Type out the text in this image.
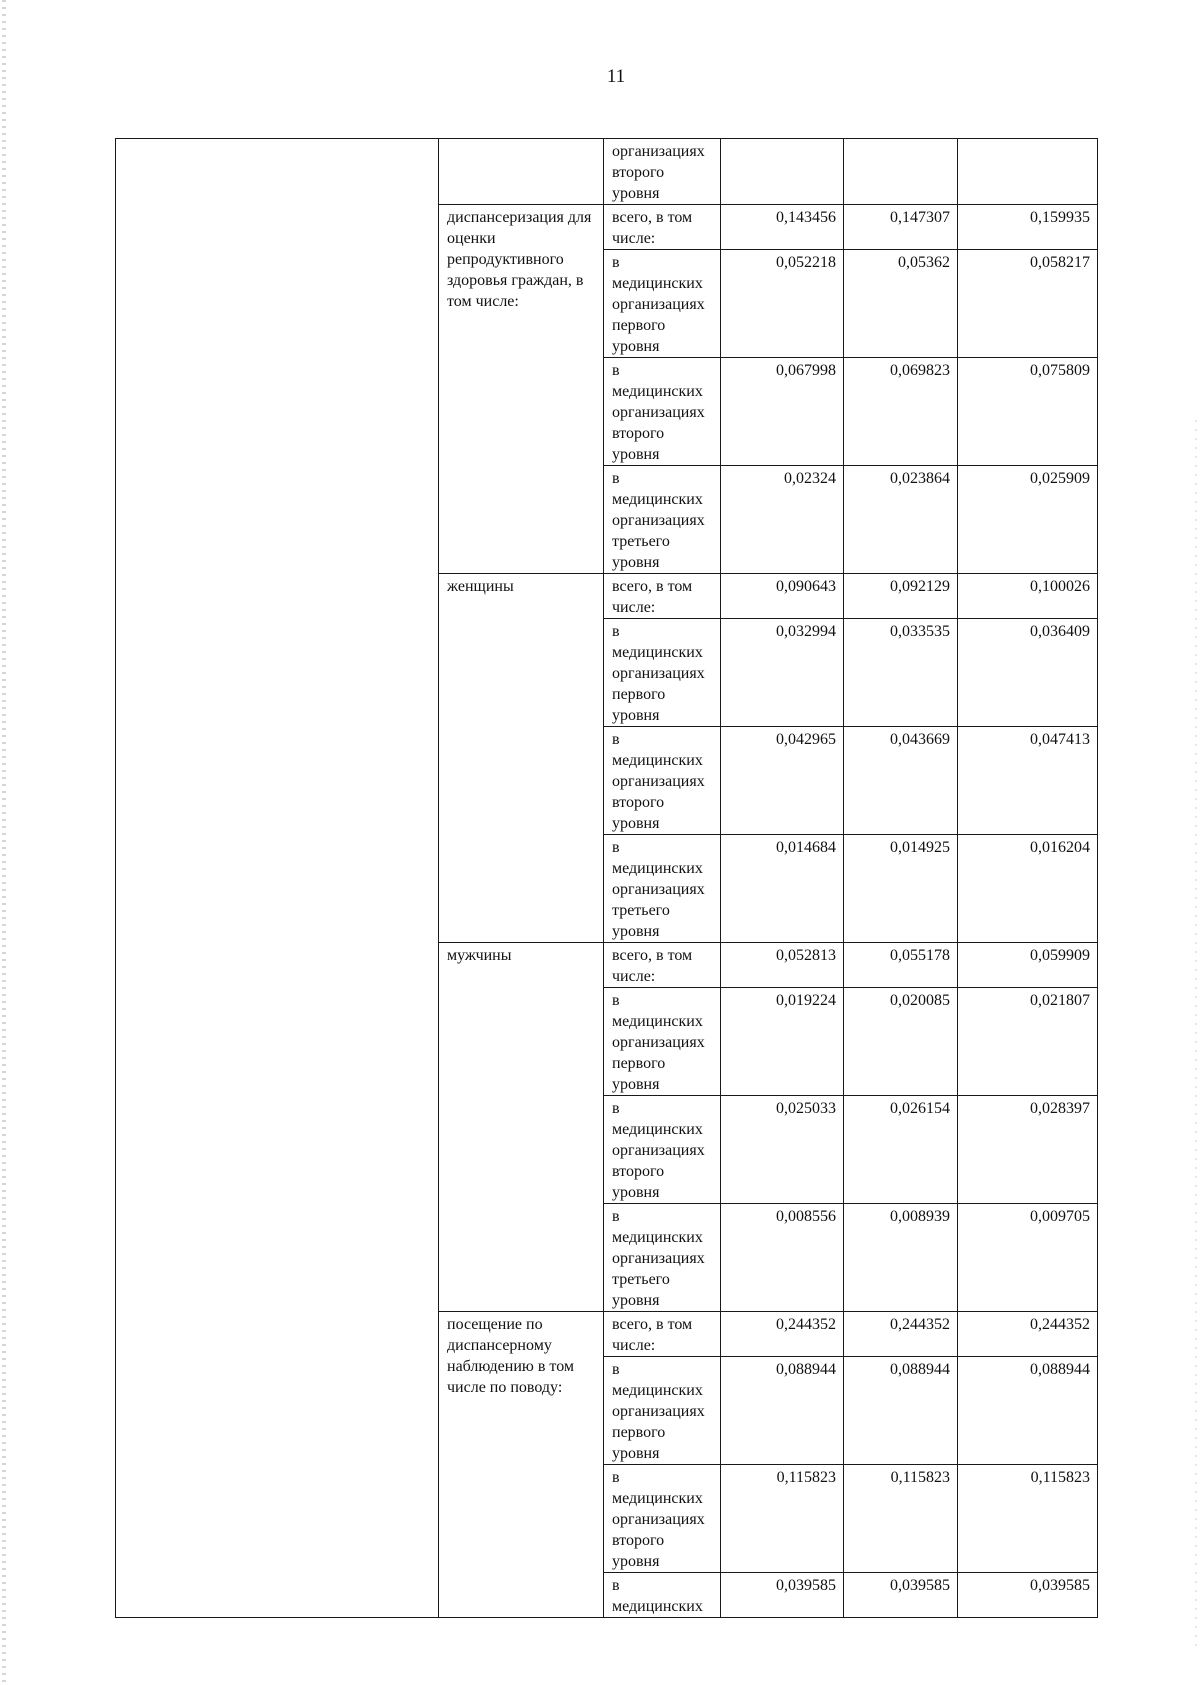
11
		организациях второго уровня			
	диспансеризация для оценки репродуктивного здоровья граждан, в том числе:	всего, в том числе:	0,143456	0,147307	0,159935
		в медицинских организациях первого уровня	0,052218	0,05362	0,058217
		в медицинских организациях второго уровня	0,067998	0,069823	0,075809
		в медицинских организациях третьего уровня	0,02324	0,023864	0,025909
	женщины	всего, в том числе:	0,090643	0,092129	0,100026
		в медицинских организациях первого уровня	0,032994	0,033535	0,036409
		в медицинских организациях второго уровня	0,042965	0,043669	0,047413
		в медицинских организациях третьего уровня	0,014684	0,014925	0,016204
	мужчины	всего, в том числе:	0,052813	0,055178	0,059909
		в медицинских организациях первого уровня	0,019224	0,020085	0,021807
		в медицинских организациях второго уровня	0,025033	0,026154	0,028397
		в медицинских организациях третьего уровня	0,008556	0,008939	0,009705
	посещение по диспансерному наблюдению в том числе по поводу:	всего, в том числе:	0,244352	0,244352	0,244352
		в медицинских организациях первого уровня	0,088944	0,088944	0,088944
		в медицинских организациях второго уровня	0,115823	0,115823	0,115823
		в медицинских	0,039585	0,039585	0,039585
